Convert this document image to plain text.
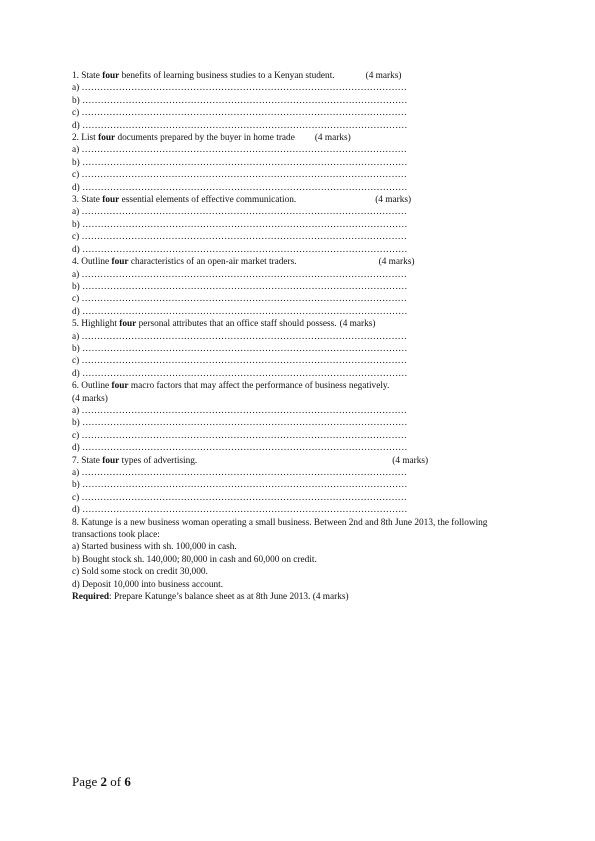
1. State four benefits of learning business studies to a Kenyan student.	(4 marks)
a) ……………………………………………………………………………………………
b) ……………………………………………………………………………………………
c) ……………………………………………………………………………………………
d) ……………………………………………………………………………………………
2. List four documents prepared by the buyer in home trade (4 marks)
a) ……………………………………………………………………………………………
b) ……………………………………………………………………………………………
c) ……………………………………………………………………………………………
d) ……………………………………………………………………………………………
3. State four essential elements of effective communication.	(4 marks)
a) ……………………………………………………………………………………………
b) ……………………………………………………………………………………………
c) ……………………………………………………………………………………………
d) ……………………………………………………………………………………………
4. Outline four characteristics of an open-air market traders.	(4 marks)
a) ……………………………………………………………………………………………
b) ……………………………………………………………………………………………
c) ……………………………………………………………………………………………
d) ……………………………………………………………………………………………
5. Highlight four personal attributes that an office staff should possess. (4 marks)
a) ……………………………………………………………………………………………
b) ……………………………………………………………………………………………
c) ……………………………………………………………………………………………
d) ……………………………………………………………………………………………
6. Outline four macro factors that may affect the performance of business negatively.
(4 marks)
a) ……………………………………………………………………………………………
b) ……………………………………………………………………………………………
c) ……………………………………………………………………………………………
d) ……………………………………………………………………………………………
7. State four types of advertising.	(4 marks)
a) ……………………………………………………………………………………………
b) ……………………………………………………………………………………………
c) ……………………………………………………………………………………………
d) ……………………………………………………………………………………………
8. Katunge is a new business woman operating a small business. Between 2nd and 8th June 2013, the following transactions took place:
a) Started business with sh. 100,000 in cash.
b) Bought stock sh. 140,000; 80,000 in cash and 60,000 on credit.
c) Sold some stock on credit 30,000.
d) Deposit 10,000 into business account.
Required: Prepare Katunge’s balance sheet as at 8th June 2013. (4 marks)
Page 2 of 6
